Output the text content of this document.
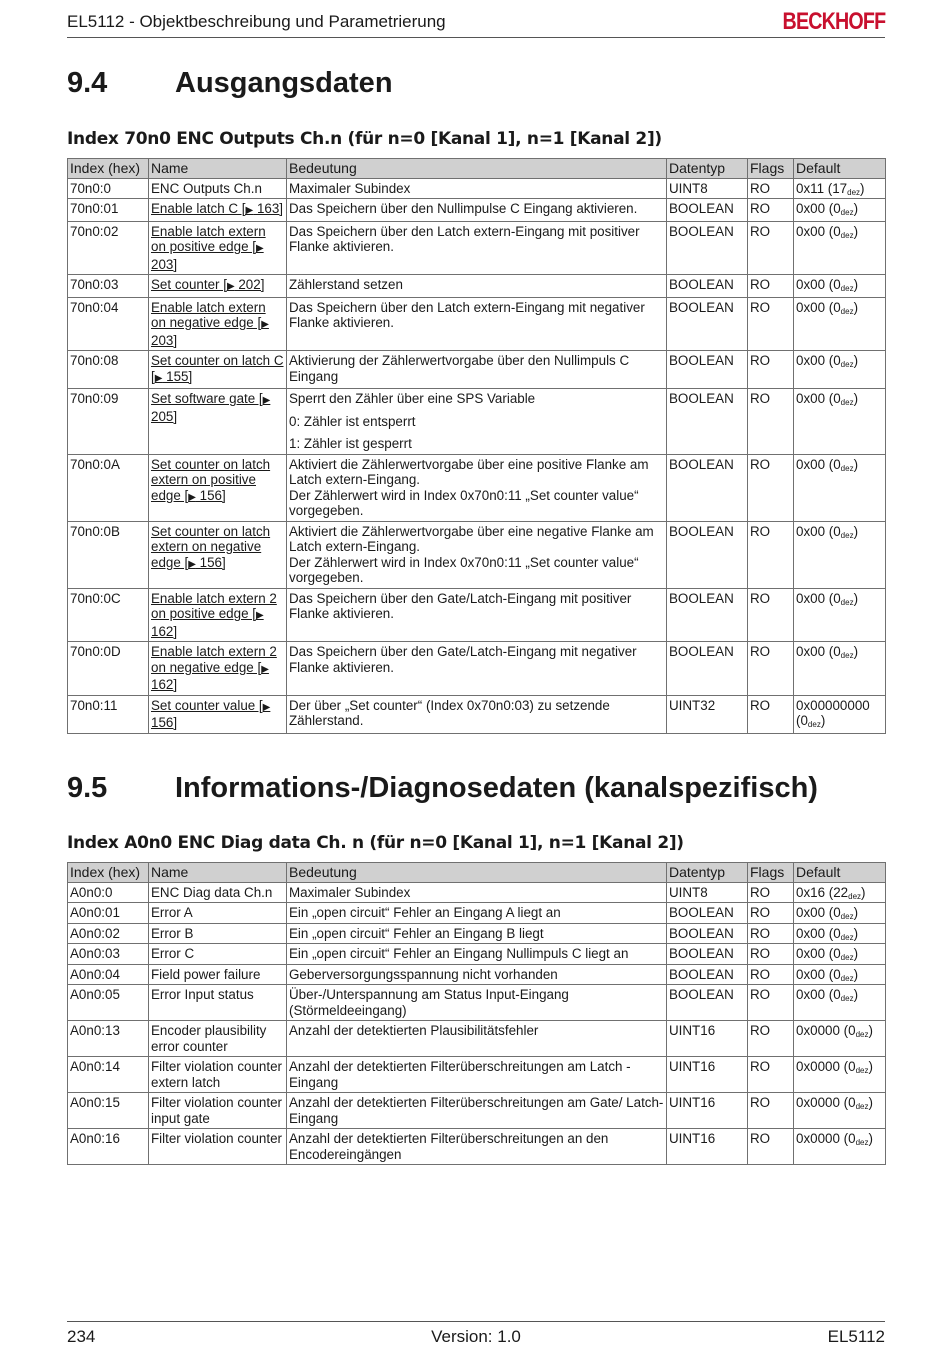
EL5112 - Objektbeschreibung und Parametrierung	BECKHOFF
9.4 Ausgangsdaten
Index 70n0 ENC Outputs Ch.n (für n=0 [Kanal 1], n=1 [Kanal 2])
Index (hex)	Name	Bedeutung	Datentyp	Flags	Default
70n0:0	ENC Outputs Ch.n	Maximaler Subindex	UINT8	RO	0x11 $(17_{dez})$
70n0:01	Enable latch C [▶ 163]	Das Speichern über den Nullimpulse C Eingang aktivieren.	BOOLEAN	RO	0x00 $(0_{dez})$
70n0:02	Enable latch extern on positive edge [▶ 203]	Das Speichern über den Latch extern-Eingang mit positiver Flanke aktivieren.	BOOLEAN	RO	0x00 $(0_{dez})$
70n0:03	Set counter [▶ 202]	Zählerstand setzen	BOOLEAN	RO	0x00 $(0_{dez})$
70n0:04	Enable latch extern on negative edge [▶ 203]	Das Speichern über den Latch extern-Eingang mit negativer Flanke aktivieren.	BOOLEAN	RO	0x00 $(0_{dez})$
70n0:08	Set counter on latch C [▶ 155]	Aktivierung der Zählerwertvorgabe über den Nullimpuls C Eingang	BOOLEAN	RO	0x00 $(0_{dez})$
70n0:09	Set software gate [▶ 205]	Sperrt den Zähler über eine SPS Variable
0: Zähler ist entsperrt
1: Zähler ist gesperrt	BOOLEAN	RO	0x00 $(0_{dez})$
70n0:0A	Set counter on latch extern on positive edge [▶ 156]	Aktiviert die Zählerwertvorgabe über eine positive Flanke am Latch extern-Eingang.
Der Zählerwert wird in Index 0x70n0:11 „Set counter value“ vorgegeben.	BOOLEAN	RO	0x00 $(0_{dez})$
70n0:0B	Set counter on latch extern on negative edge [▶ 156]	Aktiviert die Zählerwertvorgabe über eine negative Flanke am Latch extern-Eingang.
Der Zählerwert wird in Index 0x70n0:11 „Set counter value“ vorgegeben.	BOOLEAN	RO	0x00 $(0_{dez})$
70n0:0C	Enable latch extern 2 on positive edge [▶ 162]	Das Speichern über den Gate/Latch-Eingang mit positiver Flanke aktivieren.	BOOLEAN	RO	0x00 $(0_{dez})$
70n0:0D	Enable latch extern 2 on negative edge [▶ 162]	Das Speichern über den Gate/Latch-Eingang mit negativer Flanke aktivieren.	BOOLEAN	RO	0x00 $(0_{dez})$
70n0:11	Set counter value [▶ 156]	Der über „Set counter“ (Index 0x70n0:03) zu setzende Zählerstand.	UINT32	RO	0x00000000 $(0_{dez})$
9.5 Informations-/Diagnosedaten (kanalspezifisch)
Index A0n0 ENC Diag data Ch. n (für n=0 [Kanal 1], n=1 [Kanal 2])
Index (hex)	Name	Bedeutung	Datentyp	Flags	Default
A0n0:0	ENC Diag data Ch.n	Maximaler Subindex	UINT8	RO	0x16 $(22_{dez})$
A0n0:01	Error A	Ein „open circuit“ Fehler an Eingang A liegt an	BOOLEAN	RO	0x00 $(0_{dez})$
A0n0:02	Error B	Ein „open circuit“ Fehler an Eingang B liegt	BOOLEAN	RO	0x00 $(0_{dez})$
A0n0:03	Error C	Ein „open circuit“ Fehler an Eingang Nullimpuls C liegt an	BOOLEAN	RO	0x00 $(0_{dez})$
A0n0:04	Field power failure	Geberversorgungsspannung nicht vorhanden	BOOLEAN	RO	0x00 $(0_{dez})$
A0n0:05	Error Input status	Über-/Unterspannung am Status Input-Eingang (Störmeldeeingang)	BOOLEAN	RO	0x00 $(0_{dez})$
A0n0:13	Encoder plausibility error counter	Anzahl der detektierten Plausibilitätsfehler	UINT16	RO	0x0000 $(0_{dez})$
A0n0:14	Filter violation counter extern latch	Anzahl der detektierten Filterüberschreitungen am Latch -Eingang	UINT16	RO	0x0000 $(0_{dez})$
A0n0:15	Filter violation counter input gate	Anzahl der detektierten Filterüberschreitungen am Gate/ Latch-Eingang	UINT16	RO	0x0000 $(0_{dez})$
A0n0:16	Filter violation counter	Anzahl der detektierten Filterüberschreitungen an den Encodereingängen	UINT16	RO	0x0000 $(0_{dez})$
234	Version: 1.0	EL5112
